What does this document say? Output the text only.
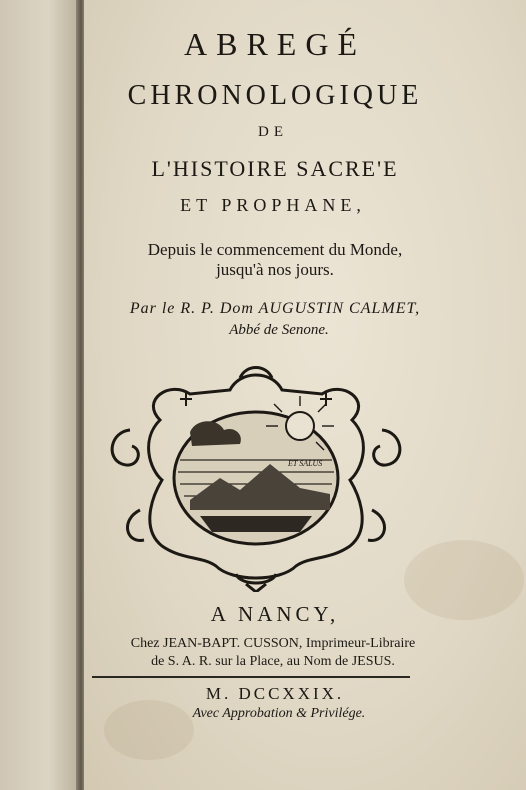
ABREGÉ
CHRONOLOGIQUE
DE
L'HISTOIRE SACRE'E
ET PROPHANE,
Depuis le commencement du Monde,
jusqu'à nos jours.
Par le R. P. Dom AUGUSTIN CALMET,
Abbé de Senone.
ET SALUS
A NANCY,
Chez JEAN-BAPT. CUSSON, Imprimeur-Libraire
de S. A. R. sur la Place, au Nom de JESUS.
M. DCCXXIX.
Avec Approbation & Privilége.
